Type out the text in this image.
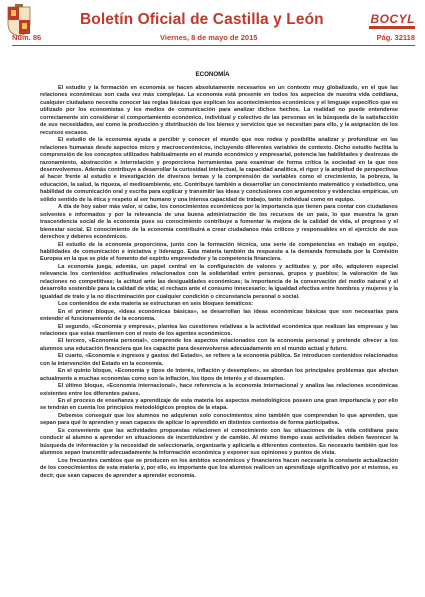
Boletín Oficial de Castilla y León	BOCYL
Núm. 86	Viernes, 8 de mayo de 2015	Pág. 32118
ECONOMÍA

El estudio y la formación en economía se hacen absolutamente necesarios en un contexto muy globalizado, en el que las relaciones económicas son cada vez más complejas. La economía está presente en todos los aspectos de nuestra vida cotidiana, cualquier ciudadano necesita conocer las reglas básicas que explican los acontecimientos económicos y el lenguaje específico que es utilizado por los economistas y los medios de comunicación para analizar dichos hechos. La realidad no puede entenderse correctamente sin considerar el comportamiento económico, individual y colectivo de las personas en la búsqueda de la satisfacción de sus necesidades, así como la producción y distribución de los bienes y servicios que se necesitan para ello, y la asignación de los recursos escasos.

El estudio de la economía ayuda a percibir y conocer el mundo que nos rodea y posibilita analizar y profundizar en las relaciones humanas desde aspectos micro y macroeconómicos, incluyendo diferentes variables de contexto. Dicho estudio facilita la comprensión de los conceptos utilizados habitualmente en el mundo económico y empresarial, potencia las habilidades y destrezas de razonamiento, abstracción e interrelación y proporciona herramientas para examinar de forma crítica la sociedad en la que nos desenvolvemos. Además contribuye a desarrollar la curiosidad intelectual, la capacidad analítica, el rigor y la amplitud de perspectivas al hacer frente al estudio e investigación de diversos temas y la comprensión de variables como el crecimiento, la pobreza, la educación, la salud, la riqueza, el medioambiente, etc. Contribuye también a desarrollar un conocimiento matemático y estadístico, una habilidad de comunicación oral y escrita para explicar y transmitir las ideas y conclusiones con argumentos y evidencias empíricas, un sólido sentido de la ética y respeto al ser humano y una intensa capacidad de trabajo, tanto individual como en equipo.

A día de hoy saber más valor, si cabe, los conocimientos económicos por la importancia que tienen para contar con ciudadanos solventes e informados y por la relevancia de una buena administración de los recursos de un país, lo que muestra la gran trascendencia social de la economía pues su conocimiento contribuye a fomentar la mejora de la calidad de vida, el progreso y el bienestar social. El conocimiento de la economía contribuirá a crear ciudadanos más críticos y responsables en el ejercicio de sus derechos y deberes económicos.

El estudio de la economía proporciona, junto con la formación técnica, una serie de competencias en trabajo en equipo, habilidades de comunicación e iniciativa y liderazgo. Esta materia también da respuesta a la demanda formulada por la Comisión Europea en la que se pide el fomento del espíritu emprendedor y la competencia financiera.

La economía juega, además, un papel central en la configuración de valores y actitudes y, por ello, adquieren especial relevancia los contenidos actitudinales relacionados con la solidaridad entre personas, grupos y pueblos; la valoración de las relaciones no competitivas; la actitud ante las desigualdades económicas; la importancia de la conservación del medio natural y el desarrollo sostenible para la calidad de vida; el rechazo ante el consumo innecesario; la igualdad efectiva entre hombres y mujeres y la igualdad de trato y la no discriminación por cualquier condición o circunstancia personal o social.

Los contenidos de esta materia se estructuran en seis bloques temáticos:

En el primer bloque, «Ideas económicas básicas», se desarrollan las ideas económicas básicas que son necesarias para entender el funcionamiento de la economía.

El segundo, «Economía y empresa», plantea las cuestiones relativas a la actividad económica que realizan las empresas y las relaciones que estas mantienen con el resto de los agentes económicos.

El tercero, «Economía personal», comprende los aspectos relacionados con la economía personal y pretende ofrecer a los alumnos una educación financiera que les capacite para desenvolverse adecuadamente en el mundo actual y futuro.

El cuarto, «Economía e ingresos y gastos del Estado», se refiere a la economía pública. Se introducen contenidos relacionados con la intervención del Estado en la economía.

En el quinto bloque, «Economía y tipos de interés, inflación y desempleo», se abordan los principales problemas que afectan actualmente a muchas economías como son la inflación, los tipos de interés y el desempleo.

El último bloque, «Economía internacional», hace referencia a la economía internacional y analiza las relaciones económicas existentes entre los diferentes países.

En el proceso de enseñanza y aprendizaje de esta materia los aspectos metodológicos poseen una gran importancia y por ello se tendrán en cuenta los principios metodológicos propios de la etapa.

Debemos conseguir que los alumnos no adquieran solo conocimientos sino también que comprendan lo que aprenden, que sepan para qué lo aprenden y sean capaces de aplicar lo aprendido en distintos contextos de forma participativa.

Es conveniente que las actividades propuestas relacionen el conocimiento con las situaciones de la vida cotidiana para conducir al alumno a aprender en situaciones de incertidumbre y de cambio. Al mismo tiempo esas actividades deben favorecer la búsqueda de información y la necesidad de seleccionarla, organizarla y aplicarla a diferentes contextos. Es necesario también que los alumnos sepan transmitir adecuadamente la información económica y exponer sus opiniones y puntos de vista.

Los frecuentes cambios que se producen en los ámbitos económicos y financieros hacen necesaria la constante actualización de los conocimientos de esta materia y, por ello, es importante que los alumnos realicen un aprendizaje significativo por sí mismos, es decir, que sean capaces de aprender a aprender economía.
